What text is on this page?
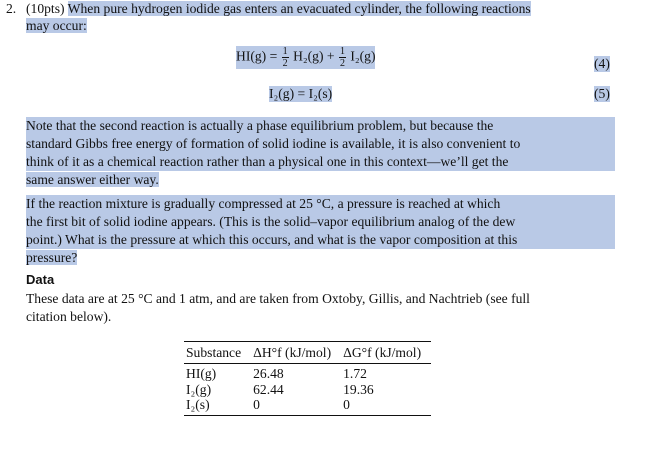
2. (10pts) When pure hydrogen iodide gas enters an evacuated cylinder, the following reactions
may occur:
$HI(g) = \frac{1}{2} H_2(g) + \frac{1}{2} I_2(g)$	(4)
I₂(g) = I₂(s)	(5)
Note that the second reaction is actually a phase equilibrium problem, but because the
standard Gibbs free energy of formation of solid iodine is available, it is also convenient to
think of it as a chemical reaction rather than a physical one in this context—we’ll get the
same answer either way.
If the reaction mixture is gradually compressed at 25 °C, a pressure is reached at which
the first bit of solid iodine appears. (This is the solid–vapor equilibrium analog of the dew
point.) What is the pressure at which this occurs, and what is the vapor composition at this
pressure?
Data
These data are at 25 °C and 1 atm, and are taken from Oxtoby, Gillis, and Nachtrieb (see full
citation below).
Substance	ΔH°f (kJ/mol)	ΔG°f (kJ/mol)
HI(g)	26.48	1.72
I₂(g)	62.44	19.36
I₂(s)	0	0
